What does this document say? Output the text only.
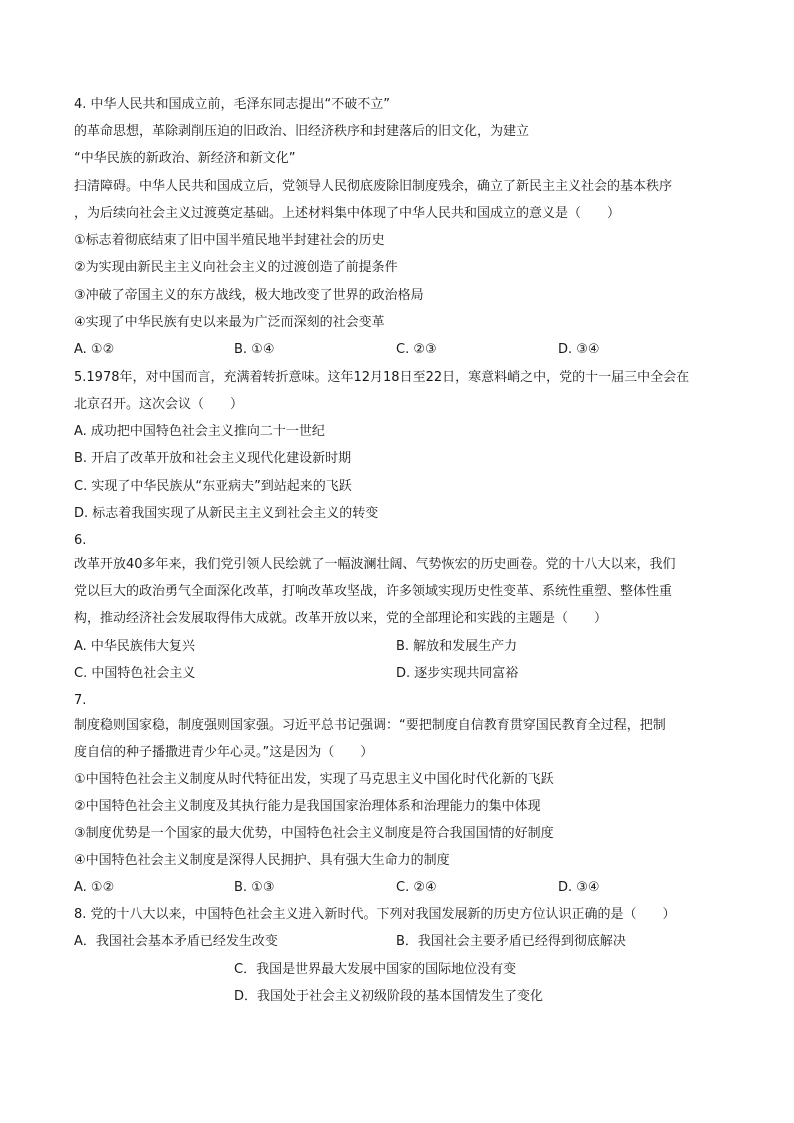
4. 中华人民共和国成立前，毛泽东同志提出“不破不立”
的革命思想，革除剥削压迫的旧政治、旧经济秩序和封建落后的旧文化，为建立
“中华民族的新政治、新经济和新文化”
扫清障碍。中华人民共和国成立后，党领导人民彻底废除旧制度残余，确立了新民主主义社会的基本秩序
，为后续向社会主义过渡奠定基础。上述材料集中体现了中华人民共和国成立的意义是（　　）
①标志着彻底结束了旧中国半殖民地半封建社会的历史
②为实现由新民主主义向社会主义的过渡创造了前提条件
③冲破了帝国主义的东方战线，极大地改变了世界的政治格局
④实现了中华民族有史以来最为广泛而深刻的社会变革
A. ①②	B. ①④	C. ②③	D. ③④
5.1978年，对中国而言，充满着转折意味。这年12月18日至22日，寒意料峭之中，党的十一届三中全会在
北京召开。这次会议（　　）
A. 成功把中国特色社会主义推向二十一世纪
B. 开启了改革开放和社会主义现代化建设新时期
C. 实现了中华民族从“东亚病夫”到站起来的飞跃
D. 标志着我国实现了从新民主主义到社会主义的转变
6.
改革开放40多年来，我们党引领人民绘就了一幅波澜壮阔、气势恢宏的历史画卷。党的十八大以来，我们
党以巨大的政治勇气全面深化改革，打响改革攻坚战，许多领域实现历史性变革、系统性重塑、整体性重
构，推动经济社会发展取得伟大成就。改革开放以来，党的全部理论和实践的主题是（　　）
A. 中华民族伟大复兴	B. 解放和发展生产力
C. 中国特色社会主义	D. 逐步实现共同富裕
7.
制度稳则国家稳，制度强则国家强。习近平总书记强调：“要把制度自信教育贯穿国民教育全过程，把制
度自信的种子播撒进青少年心灵。”这是因为（　　）
①中国特色社会主义制度从时代特征出发，实现了马克思主义中国化时代化新的飞跃
②中国特色社会主义制度及其执行能力是我国国家治理体系和治理能力的集中体现
③制度优势是一个国家的最大优势，中国特色社会主义制度是符合我国国情的好制度
④中国特色社会主义制度是深得人民拥护、具有强大生命力的制度
A. ①②	B. ①③	C. ②④	D. ③④
8. 党的十八大以来，中国特色社会主义进入新时代。下列对我国发展新的历史方位认识正确的是（　　）
A．我国社会基本矛盾已经发生改变	B．我国社会主要矛盾已经得到彻底解决
C．我国是世界最大发展中国家的国际地位没有变
D．我国处于社会主义初级阶段的基本国情发生了变化
